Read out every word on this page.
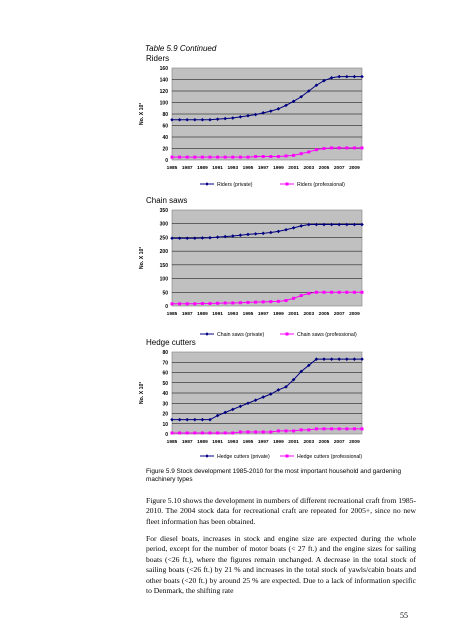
Table 5.9 Continued
Riders
0
20
40
60
80
100
120
140
160
1985 1987 1989 1991 1993 1995 1997 1999 2001 2003 2005 2007 2009
No. X 10³
Riders (private)	Riders (professional)
Chain saws
0
50
100
150
200
250
300
350
1985 1987 1989 1991 1993 1995 1997 1999 2001 2003 2005 2007 2009
No. X 10³
Chain saws (private)	Chain saws (professional)
Hedge cutters
0
10
20
30
40
50
60
70
80
1985 1987 1989 1991 1993 1995 1997 1999 2001 2003 2005 2007 2009
No. X 10³
Hedge cutters (private)	Hedge cutters (professional)
Figure 5.9 Stock development 1985-2010 for the most important household and gardening machinery types
Figure 5.10 shows the development in numbers of different recreational craft from 1985-2010. The 2004 stock data for recreational craft are repeated for 2005+, since no new fleet information has been obtained.
For diesel boats, increases in stock and engine size are expected during the whole period, except for the number of motor boats (< 27 ft.) and the engine sizes for sailing boats (<26 ft.), where the figures remain unchanged. A decrease in the total stock of sailing boats (<26 ft.) by 21 % and increases in the total stock of yawls/cabin boats and other boats (<20 ft.) by around 25 % are expected. Due to a lack of information specific to Denmark, the shifting rate
55
